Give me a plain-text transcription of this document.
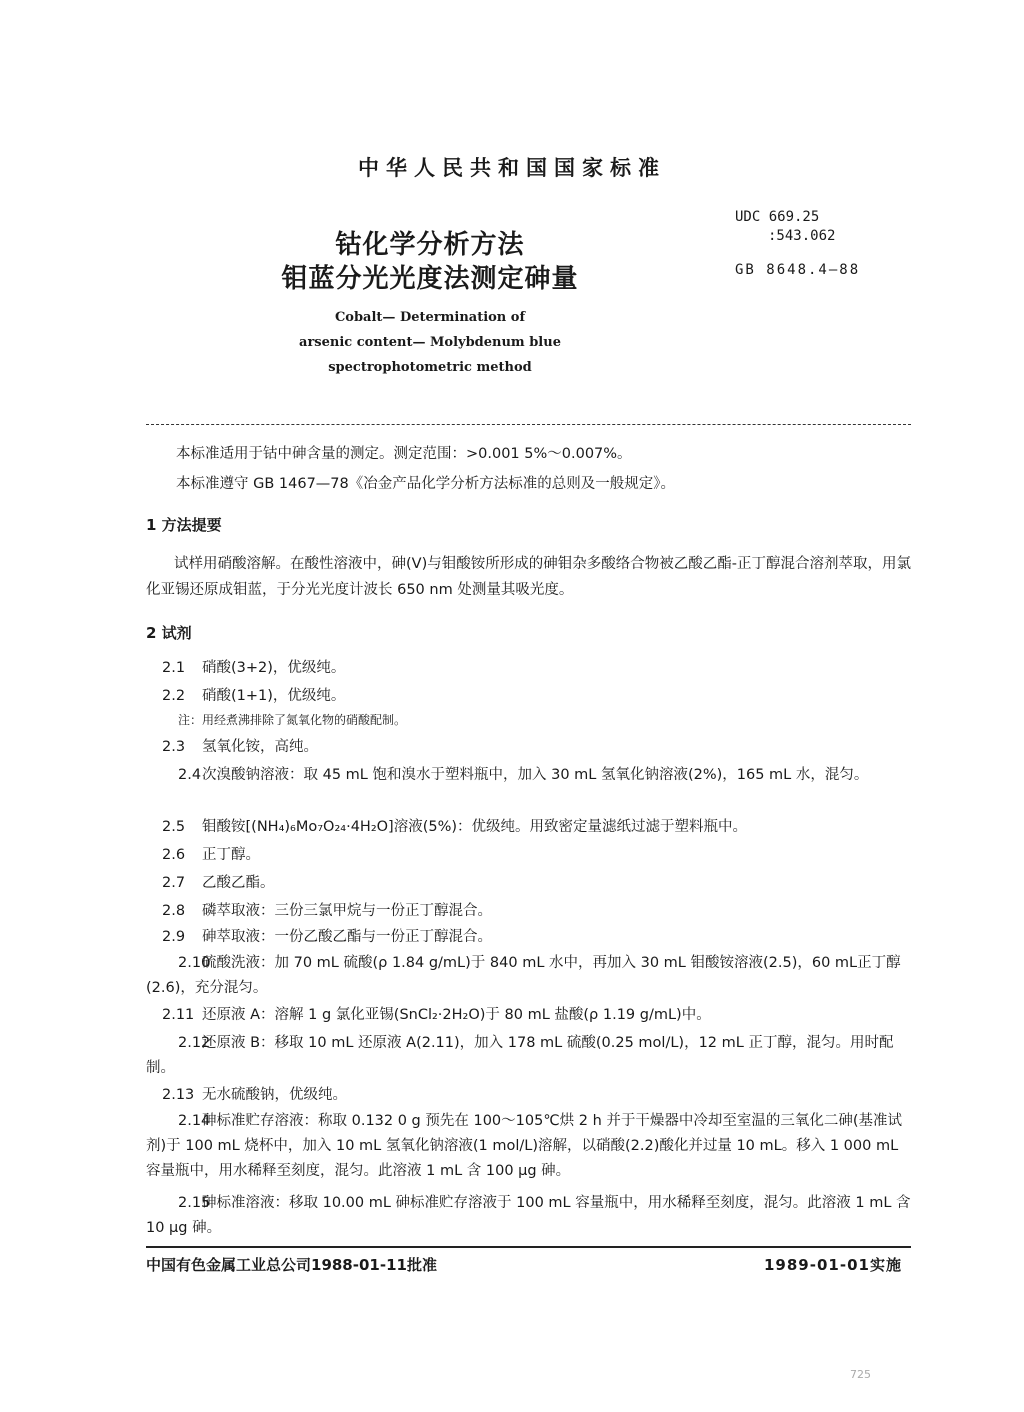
中华人民共和国国家标准
钴化学分析方法
钼蓝分光光度法测定砷量
UDC 669.25
:543.062
GB 8648.4—88
Cobalt— Determination of
arsenic content— Molybdenum blue
spectrophotometric method
本标准适用于钴中砷含量的测定。测定范围：>0.001 5%～0.007%。
本标准遵守 GB 1467—78《冶金产品化学分析方法标准的总则及一般规定》。
1 方法提要
试样用硝酸溶解。在酸性溶液中，砷(Ⅴ)与钼酸铵所形成的砷钼杂多酸络合物被乙酸乙酯-正丁醇混合溶剂萃取，用氯化亚锡还原成钼蓝，于分光光度计波长 650 nm 处测量其吸光度。
2 试剂
2.1 硝酸(3+2)，优级纯。
2.2 硝酸(1+1)，优级纯。
注：用经煮沸排除了氮氧化物的硝酸配制。
2.3 氢氧化铵，高纯。
2.4次溴酸钠溶液：取 45 mL 饱和溴水于塑料瓶中，加入 30 mL 氢氧化钠溶液(2%)，165 mL 水，混匀。
2.5 钼酸铵[(NH₄)₆Mo₇O₂₄·4H₂O]溶液(5%)：优级纯。用致密定量滤纸过滤于塑料瓶中。
2.6 正丁醇。
2.7 乙酸乙酯。
2.8 磷萃取液：三份三氯甲烷与一份正丁醇混合。
2.9 砷萃取液：一份乙酸乙酯与一份正丁醇混合。
2.10硫酸洗液：加 70 mL 硫酸(ρ 1.84 g/mL)于 840 mL 水中，再加入 30 mL 钼酸铵溶液(2.5)，60 mL正丁醇(2.6)，充分混匀。
2.11 还原液 A：溶解 1 g 氯化亚锡(SnCl₂·2H₂O)于 80 mL 盐酸(ρ 1.19 g/mL)中。
2.12还原液 B：移取 10 mL 还原液 A(2.11)，加入 178 mL 硫酸(0.25 mol/L)，12 mL 正丁醇，混匀。用时配制。
2.13 无水硫酸钠，优级纯。
2.14砷标准贮存溶液：称取 0.132 0 g 预先在 100～105℃烘 2 h 并于干燥器中冷却至室温的三氧化二砷(基准试剂)于 100 mL 烧杯中，加入 10 mL 氢氧化钠溶液(1 mol/L)溶解，以硝酸(2.2)酸化并过量 10 mL。移入 1 000 mL 容量瓶中，用水稀释至刻度，混匀。此溶液 1 mL 含 100 μg 砷。
2.15砷标准溶液：移取 10.00 mL 砷标准贮存溶液于 100 mL 容量瓶中，用水稀释至刻度，混匀。此溶液 1 mL 含 10 μg 砷。
中国有色金属工业总公司1988-01-11批准	1989-01-01实施
725
